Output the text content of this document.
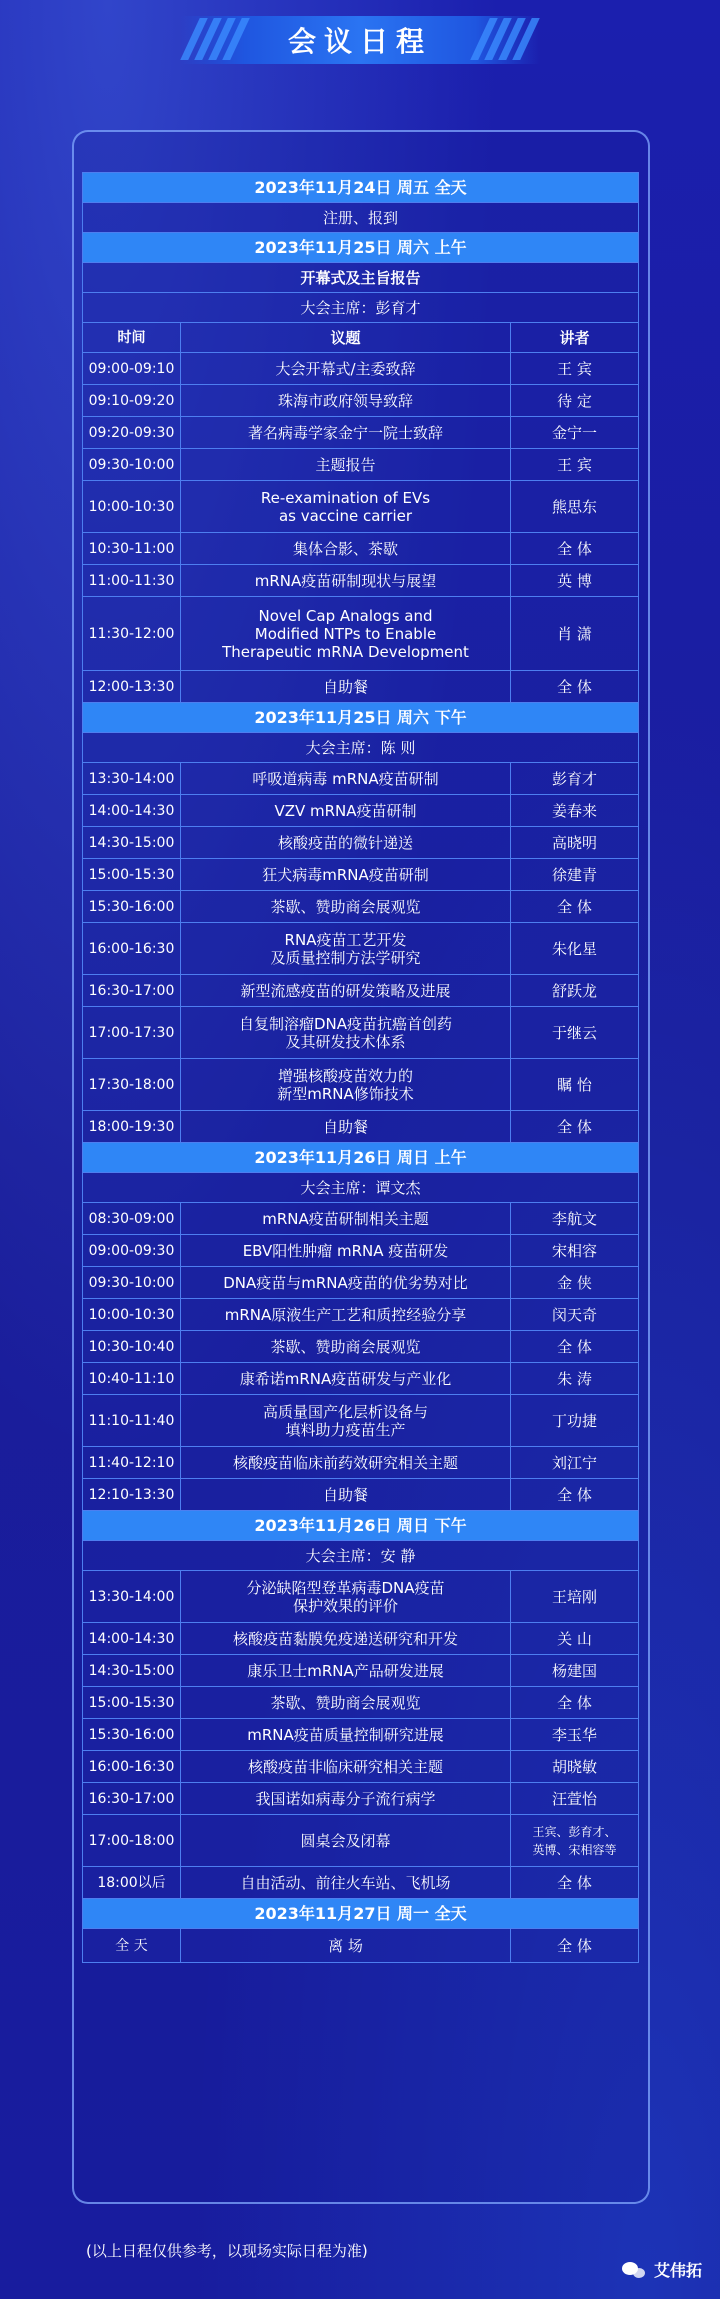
会议日程
2023年11月24日 周五 全天		
注册、报到		
2023年11月25日 周六 上午		
开幕式及主旨报告		
大会主席：彭育才		
时间	议题	讲者
09:00-09:10	大会开幕式/主委致辞	王 宾
09:10-09:20	珠海市政府领导致辞	待 定
09:20-09:30	著名病毒学家金宁一院士致辞	金宁一
09:30-10:00	主题报告	王 宾
10:00-10:30	Re-examination of EVs
as vaccine carrier	熊思东
10:30-11:00	集体合影、茶歇	全 体
11:00-11:30	mRNA疫苗研制现状与展望	英 博
11:30-12:00	Novel Cap Analogs and
Modified NTPs to Enable
Therapeutic mRNA Development	肖 潇
12:00-13:30	自助餐	全 体
2023年11月25日 周六 下午		
大会主席：陈 则		
13:30-14:00	呼吸道病毒 mRNA疫苗研制	彭育才
14:00-14:30	VZV mRNA疫苗研制	姜春来
14:30-15:00	核酸疫苗的微针递送	高晓明
15:00-15:30	狂犬病毒mRNA疫苗研制	徐建青
15:30-16:00	茶歇、赞助商会展观览	全 体
16:00-16:30	RNA疫苗工艺开发
及质量控制方法学研究	朱化星
16:30-17:00	新型流感疫苗的研发策略及进展	舒跃龙
17:00-17:30	自复制溶瘤DNA疫苗抗癌首创药
及其研发技术体系	于继云
17:30-18:00	增强核酸疫苗效力的
新型mRNA修饰技术	瞩 怡
18:00-19:30	自助餐	全 体
2023年11月26日 周日 上午		
大会主席：谭文杰		
08:30-09:00	mRNA疫苗研制相关主题	李航文
09:00-09:30	EBV阳性肿瘤 mRNA 疫苗研发	宋相容
09:30-10:00	DNA疫苗与mRNA疫苗的优劣势对比	金 侠
10:00-10:30	mRNA原液生产工艺和质控经验分享	闵天奇
10:30-10:40	茶歇、赞助商会展观览	全 体
10:40-11:10	康希诺mRNA疫苗研发与产业化	朱 涛
11:10-11:40	高质量国产化层析设备与
填料助力疫苗生产	丁功捷
11:40-12:10	核酸疫苗临床前药效研究相关主题	刘江宁
12:10-13:30	自助餐	全 体
2023年11月26日 周日 下午		
大会主席：安 静		
13:30-14:00	分泌缺陷型登革病毒DNA疫苗
保护效果的评价	王培刚
14:00-14:30	核酸疫苗黏膜免疫递送研究和开发	关 山
14:30-15:00	康乐卫士mRNA产品研发进展	杨建国
15:00-15:30	茶歇、赞助商会展观览	全 体
15:30-16:00	mRNA疫苗质量控制研究进展	李玉华
16:00-16:30	核酸疫苗非临床研究相关主题	胡晓敏
16:30-17:00	我国诺如病毒分子流行病学	汪萱怡
17:00-18:00	圆桌会及闭幕	王宾、彭育才、
英博、宋相容等
18:00以后	自由活动、前往火车站、飞机场	全 体
2023年11月27日 周一 全天		
全 天	离 场	全 体
(以上日程仅供参考，以现场实际日程为准)
艾伟拓
